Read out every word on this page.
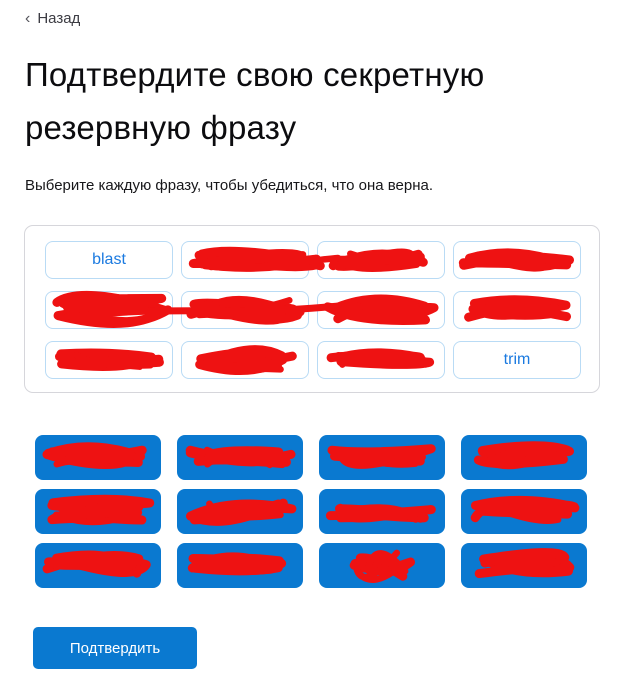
‹ Назад
Подтвердите свою секретную
резервную фразу

Выберите каждую фразу, чтобы убедиться, что она верна.

blast
trim
climb
Подтвердить
